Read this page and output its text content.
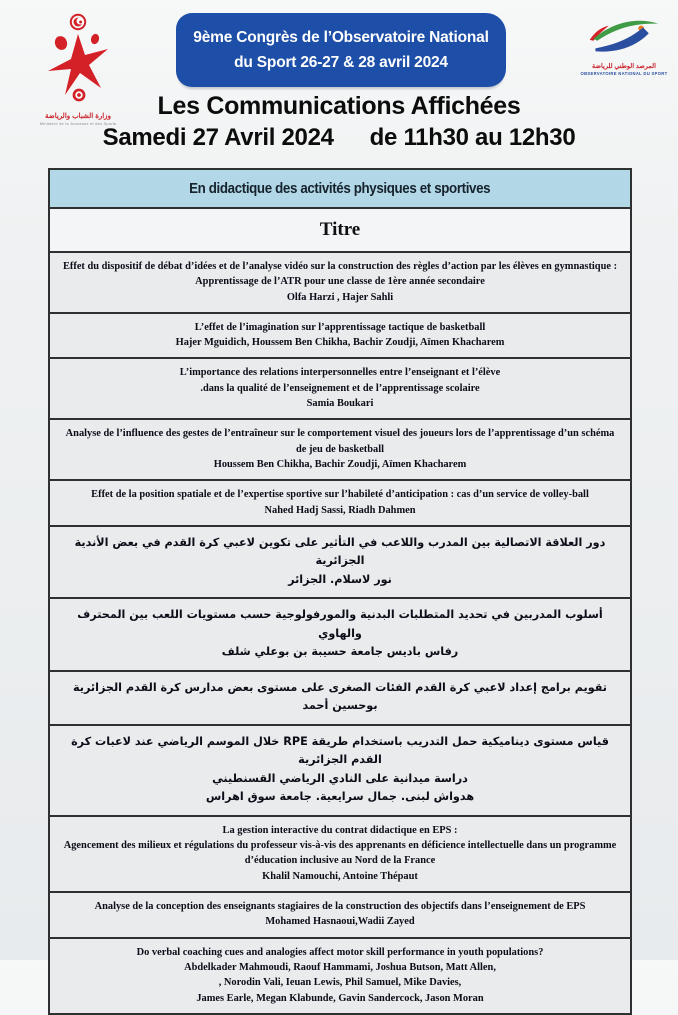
وزارة الشباب والرياضة
Ministère de la Jeunesse et des Sports
9ème Congrès de l’Observatoire National
du Sport 26-27 & 28 avril 2024	المرصد الوطني للرياضة
OBSERVATOIRE NATIONAL DU SPORT
Les Communications Affichées
Samedi 27 Avril 2024 de 11h30 au 12h30
En didactique des activités physiques et sportives
Titre
Effet du dispositif de débat d’idées et de l’analyse vidéo sur la construction des règles d’action par les élèves en gymnastique : Apprentissage de l’ATR pour une classe de 1ère année secondaire
Olfa Harzi , Hajer Sahli
L’effet de l’imagination sur l’apprentissage tactique de basketball
Hajer Mguidich, Houssem Ben Chikha, Bachir Zoudji, Aïmen Khacharem
L’importance des relations interpersonnelles entre l’enseignant et l’élève
.dans la qualité de l’enseignement et de l’apprentissage scolaire
Samia Boukari
Analyse de l’influence des gestes de l’entraîneur sur le comportement visuel des joueurs lors de l’apprentissage d’un schéma de jeu de basketball
Houssem Ben Chikha, Bachir Zoudji, Aïmen Khacharem
Effet de la position spatiale et de l’expertise sportive sur l’habileté d’anticipation : cas d’un service de volley-ball
Nahed Hadj Sassi, Riadh Dahmen
دور العلاقة الاتصالية بين المدرب واللاعب في التأثير على تكوين لاعبي كرة القدم في بعض الأندية الجزائرية
نور لاسلام. الجزائر
أسلوب المدربين في تحديد المتطلبات البدنية والمورفولوجية حسب مستويات اللعب بين المحترف والهاوي
رفاس باديس جامعة حسيبة بن بوعلي شلف
تقويم برامج إعداد لاعبي كرة القدم الفئات الصغرى على مستوى بعض مدارس كرة القدم الجزائرية
بوحسين أحمد
قياس مستوى ديناميكية حمل التدريب باستخدام طريقة RPE خلال الموسم الرياضي عند لاعبات كرة القدم الجزائرية
دراسة ميدانية على النادي الرياضي القسنطيني
هدواش لبنى. جمال سرايعية. جامعة سوق اهراس
La gestion interactive du contrat didactique en EPS :
Agencement des milieux et régulations du professeur vis-à-vis des apprenants en déficience intellectuelle dans un programme d’éducation inclusive au Nord de la France
Khalil Namouchi, Antoine Thépaut
Analyse de la conception des enseignants stagiaires de la construction des objectifs dans l’enseignement de EPS
Mohamed Hasnaoui,Wadii Zayed
Do verbal coaching cues and analogies affect motor skill performance in youth populations?
Abdelkader Mahmoudi, Raouf Hammami, Joshua Butson, Matt Allen,
, Norodin Vali, Ieuan Lewis, Phil Samuel, Mike Davies,
James Earle, Megan Klabunde, Gavin Sandercock, Jason Moran
